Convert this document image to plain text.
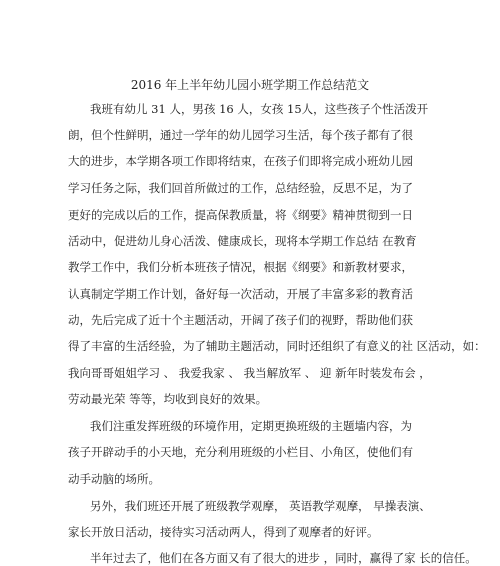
2016 年上半年幼儿园小班学期工作总结范文
我班有幼儿 31 人，男孩 16 人，女孩 15人，这些孩子个性活泼开
朗，但个性鲜明，通过一学年的幼儿园学习生活，每个孩子都有了很
大的进步，本学期各项工作即将结束，在孩子们即将完成小班幼儿园
学习任务之际，我们回首所做过的工作，总结经验，反思不足，为了
更好的完成以后的工作，提高保教质量，将《纲要》精神贯彻到一日
活动中，促进幼儿身心活泼、健康成长，现将本学期工作总结 在教育
教学工作中，我们分析本班孩子情况，根据《纲要》和新教材要求，
认真制定学期工作计划，备好每一次活动，开展了丰富多彩的教育活
动，先后完成了近十个主题活动，开阔了孩子们的视野，帮助他们获
得了丰富的生活经验，为了辅助主题活动，同时还组织了有意义的社 区活动，如：
我向哥哥姐姐学习 、 我爱我家 、 我当解放军 、 迎 新年时装发布会 ，
劳动最光荣 等等，均收到良好的效果。
我们注重发挥班级的环境作用，定期更换班级的主题墙内容，为
孩子开辟动手的小天地，充分利用班级的小栏目、小角区，使他们有
动手动脑的场所。
另外，我们班还开展了班级教学观摩， 英语教学观摩， 早操表演、
家长开放日活动，接待实习活动两人，得到了观摩者的好评。
半年过去了，他们在各方面又有了很大的进步 ，同时，赢得了家 长的信任。
